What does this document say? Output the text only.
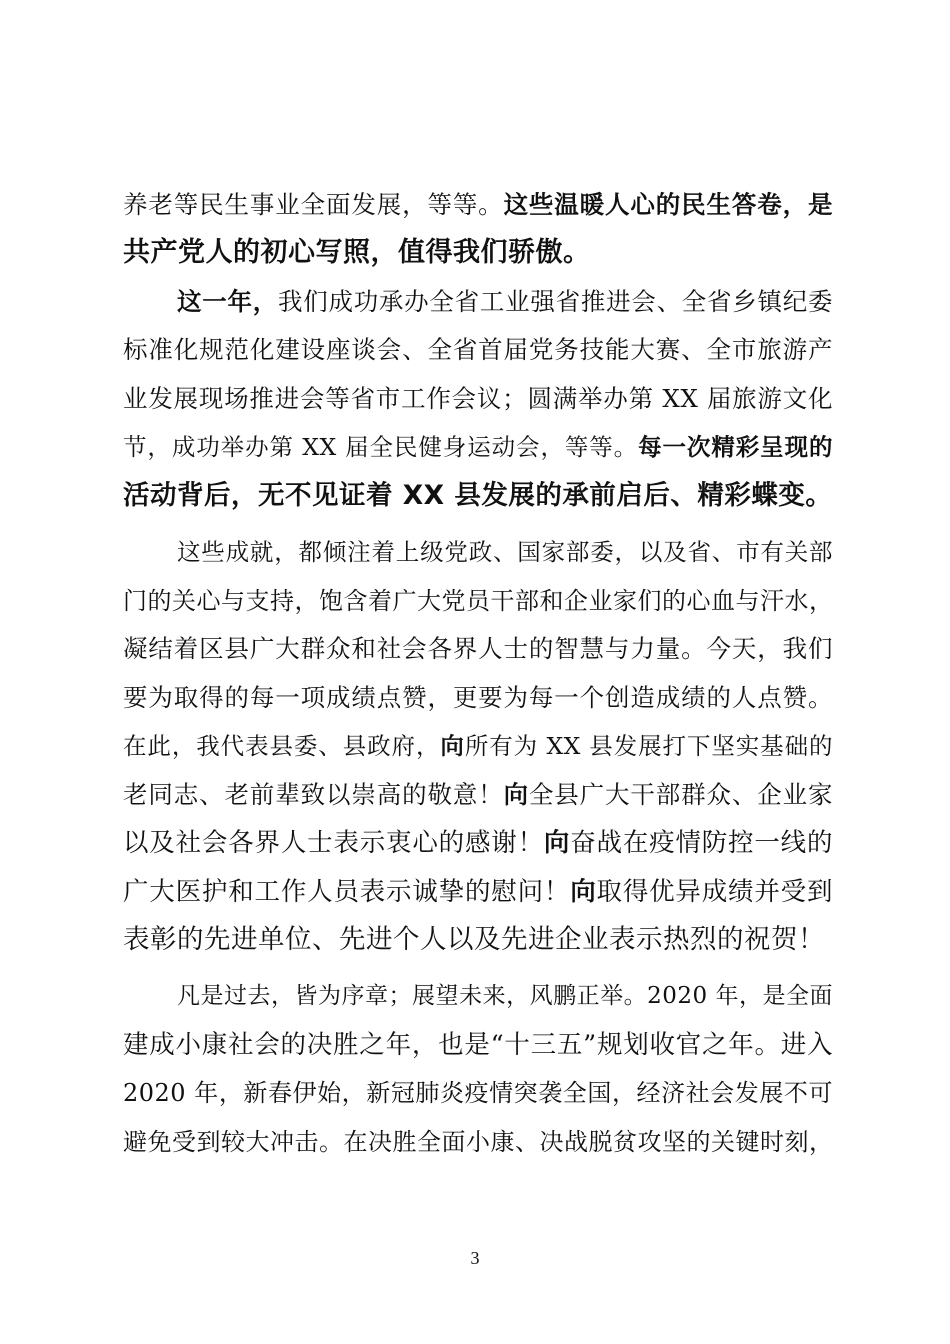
养老等民生事业全面发展，等等。这些温暖人心的民生答卷，是
共产党人的初心写照，值得我们骄傲。
这一年，我们成功承办全省工业强省推进会、全省乡镇纪委
标准化规范化建设座谈会、全省首届党务技能大赛、全市旅游产
业发展现场推进会等省市工作会议；圆满举办第 XX 届旅游文化
节，成功举办第 XX 届全民健身运动会，等等。每一次精彩呈现的
活动背后，无不见证着 XX 县发展的承前启后、精彩蝶变。
这些成就，都倾注着上级党政、国家部委，以及省、市有关部
门的关心与支持，饱含着广大党员干部和企业家们的心血与汗水，
凝结着区县广大群众和社会各界人士的智慧与力量。今天，我们
要为取得的每一项成绩点赞，更要为每一个创造成绩的人点赞。
在此，我代表县委、县政府，向所有为 XX 县发展打下坚实基础的
老同志、老前辈致以崇高的敬意！向全县广大干部群众、企业家
以及社会各界人士表示衷心的感谢！向奋战在疫情防控一线的
广大医护和工作人员表示诚挚的慰问！向取得优异成绩并受到
表彰的先进单位、先进个人以及先进企业表示热烈的祝贺！
凡是过去，皆为序章；展望未来，风鹏正举。2020 年，是全面
建成小康社会的决胜之年，也是“十三五”规划收官之年。进入
2020 年，新春伊始，新冠肺炎疫情突袭全国，经济社会发展不可
避免受到较大冲击。在决胜全面小康、决战脱贫攻坚的关键时刻，
3
